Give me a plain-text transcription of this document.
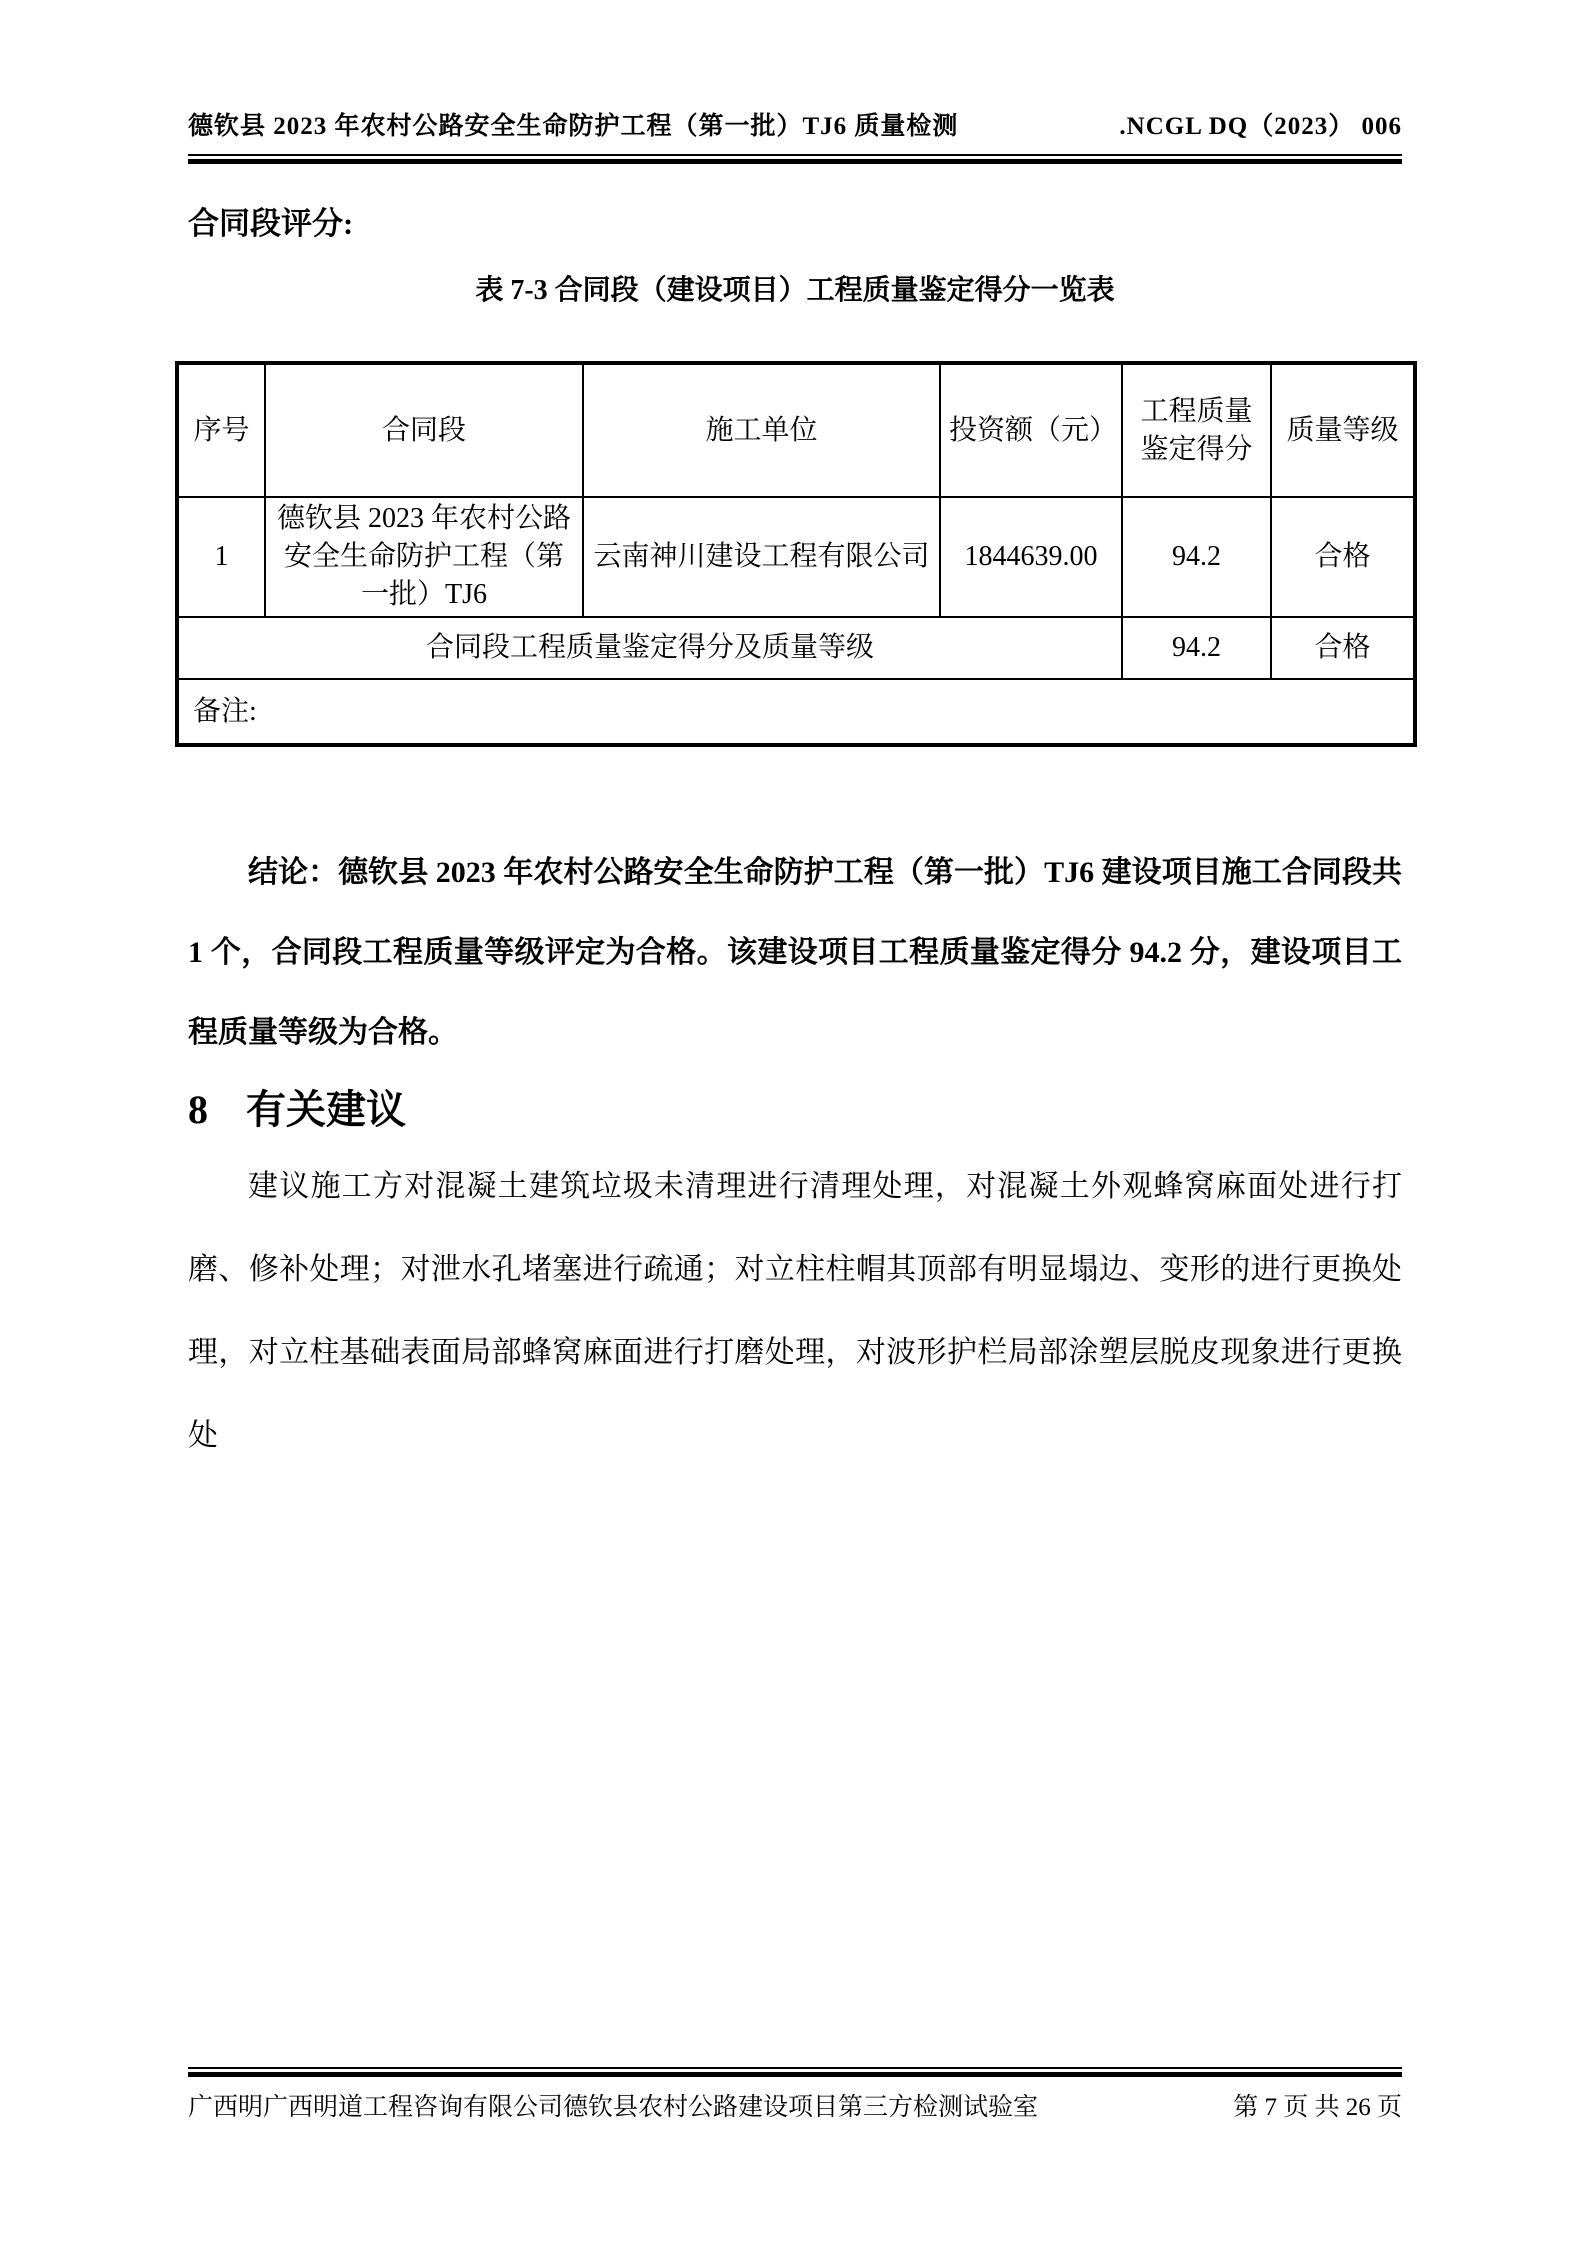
德钦县 2023 年农村公路安全生命防护工程（第一批）TJ6 质量检测	.NCGL DQ（2023） 006
合同段评分:
表 7-3 合同段（建设项目）工程质量鉴定得分一览表
序号	合同段	施工单位	投资额（元）	工程质量鉴定得分	质量等级
1	德钦县 2023 年农村公路安全生命防护工程（第一批）TJ6	云南神川建设工程有限公司	1844639.00	94.2	合格
合同段工程质量鉴定得分及质量等级				94.2	合格
备注:					

结论：德钦县 2023 年农村公路安全生命防护工程（第一批）TJ6 建设项目施工合同段共 1 个，合同段工程质量等级评定为合格。该建设项目工程质量鉴定得分 94.2 分，建设项目工程质量等级为合格。

8 有关建议

建议施工方对混凝土建筑垃圾未清理进行清理处理，对混凝土外观蜂窝麻面处进行打磨、修补处理；对泄水孔堵塞进行疏通；对立柱柱帽其顶部有明显塌边、变形的进行更换处理，对立柱基础表面局部蜂窝麻面进行打磨处理，对波形护栏局部涂塑层脱皮现象进行更换处

广西明广西明道工程咨询有限公司德钦县农村公路建设项目第三方检测试验室	第 7 页 共 26 页
